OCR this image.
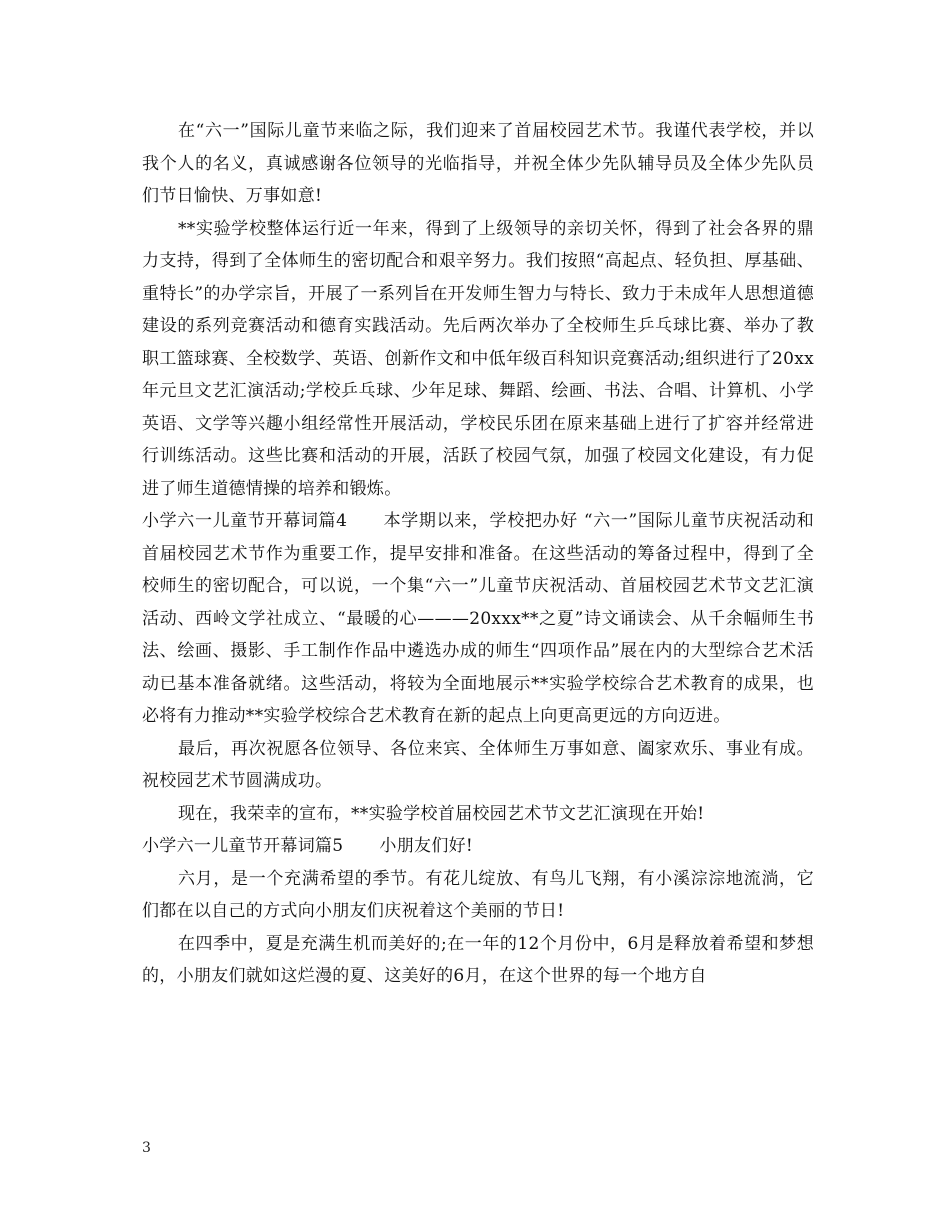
在“六一”国际儿童节来临之际，我们迎来了首届校园艺术节。我谨代表学校，并以我个人的名义，真诚感谢各位领导的光临指导，并祝全体少先队辅导员及全体少先队员们节日愉快、万事如意!

**实验学校整体运行近一年来，得到了上级领导的亲切关怀，得到了社会各界的鼎力支持，得到了全体师生的密切配合和艰辛努力。我们按照“高起点、轻负担、厚基础、重特长”的办学宗旨，开展了一系列旨在开发师生智力与特长、致力于未成年人思想道德建设的系列竞赛活动和德育实践活动。先后两次举办了全校师生乒乓球比赛、举办了教职工篮球赛、全校数学、英语、创新作文和中低年级百科知识竞赛活动;组织进行了20xx年元旦文艺汇演活动;学校乒乓球、少年足球、舞蹈、绘画、书法、合唱、计算机、小学英语、文学等兴趣小组经常性开展活动，学校民乐团在原来基础上进行了扩容并经常进行训练活动。这些比赛和活动的开展，活跃了校园气氛，加强了校园文化建设，有力促进了师生道德情操的培养和锻炼。

小学六一儿童节开幕词篇4 本学期以来，学校把办好 “六一”国际儿童节庆祝活动和首届校园艺术节作为重要工作，提早安排和准备。在这些活动的筹备过程中，得到了全校师生的密切配合，可以说，一个集“六一”儿童节庆祝活动、首届校园艺术节文艺汇演活动、西岭文学社成立、“最暖的心———20xxx**之夏”诗文诵读会、从千余幅师生书法、绘画、摄影、手工制作作品中遴选办成的师生“四项作品”展在内的大型综合艺术活动已基本准备就绪。这些活动，将较为全面地展示**实验学校综合艺术教育的成果，也必将有力推动**实验学校综合艺术教育在新的起点上向更高更远的方向迈进。

最后，再次祝愿各位领导、各位来宾、全体师生万事如意、阖家欢乐、事业有成。祝校园艺术节圆满成功。

现在，我荣幸的宣布，**实验学校首届校园艺术节文艺汇演现在开始!

小学六一儿童节开幕词篇5 小朋友们好!

六月，是一个充满希望的季节。有花儿绽放、有鸟儿飞翔，有小溪淙淙地流淌，它们都在以自己的方式向小朋友们庆祝着这个美丽的节日!

在四季中，夏是充满生机而美好的;在一年的12个月份中，6月是释放着希望和梦想的，小朋友们就如这烂漫的夏、这美好的6月，在这个世界的每一个地方自

3
